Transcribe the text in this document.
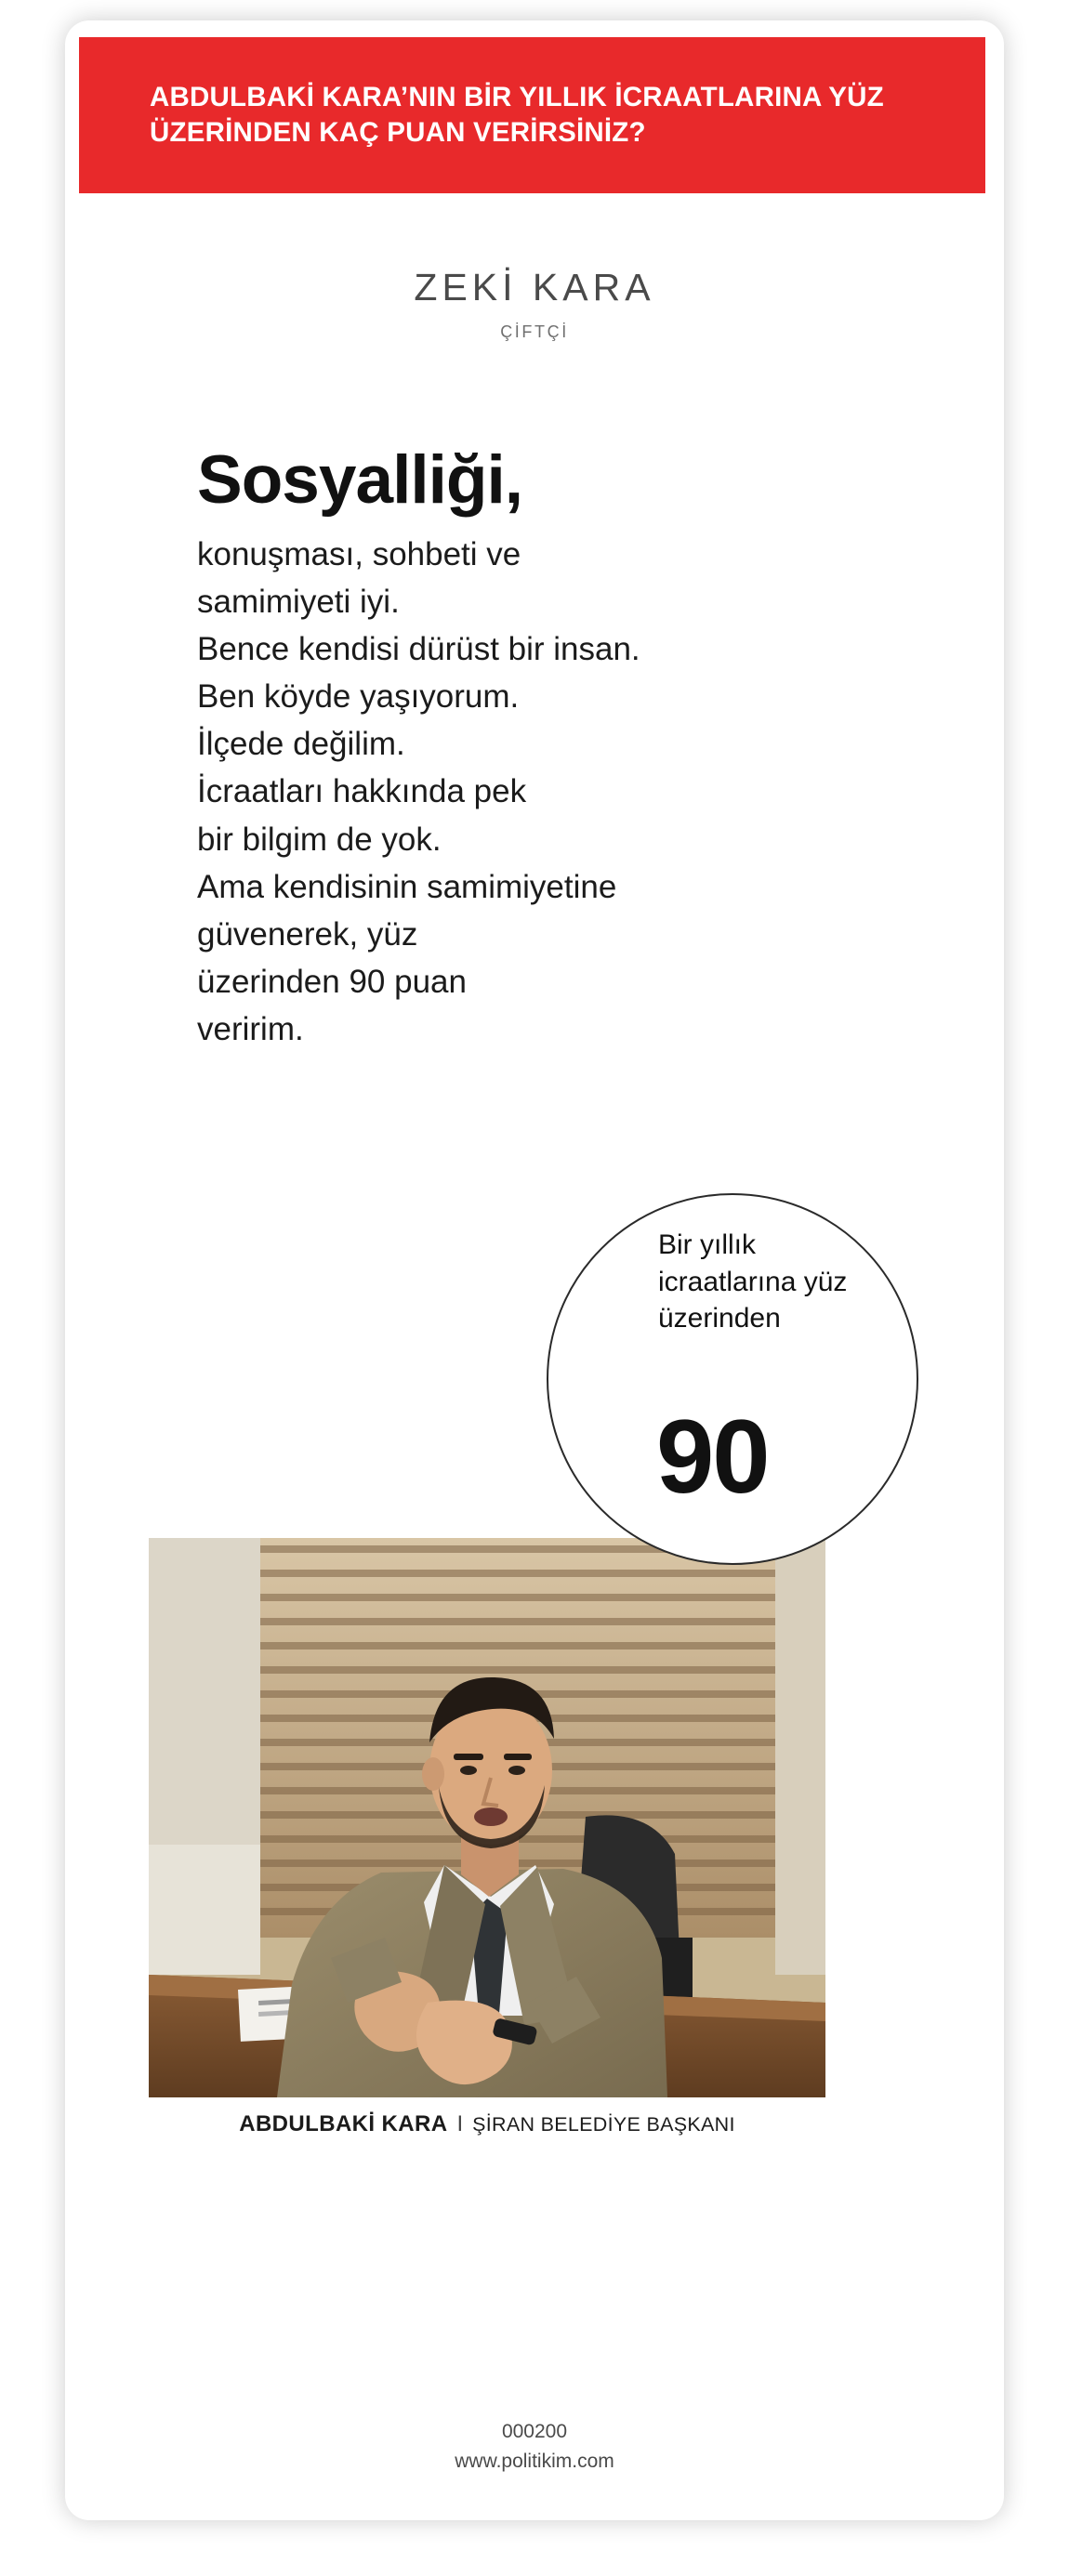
ABDULBAKİ KARA’NIN BİR YILLIK İCRAATLARINA YÜZ ÜZERİNDEN KAÇ PUAN VERİRSİNİZ?
ZEKİ KARA
ÇİFTÇİ
Sosyalliği,
konuşması, sohbeti ve
samimiyeti iyi.
Bence kendisi dürüst bir insan.
Ben köyde yaşıyorum.
İlçede değilim.
İcraatları hakkında pek
bir bilgim de yok.
Ama kendisinin samimiyetine
güvenerek, yüz
üzerinden 90 puan
veririm.
Bir yıllık icraatlarına yüz üzerinden
90
ABDULBAKİ KARA I ŞİRAN BELEDİYE BAŞKANI
000200
www.politikim.com
